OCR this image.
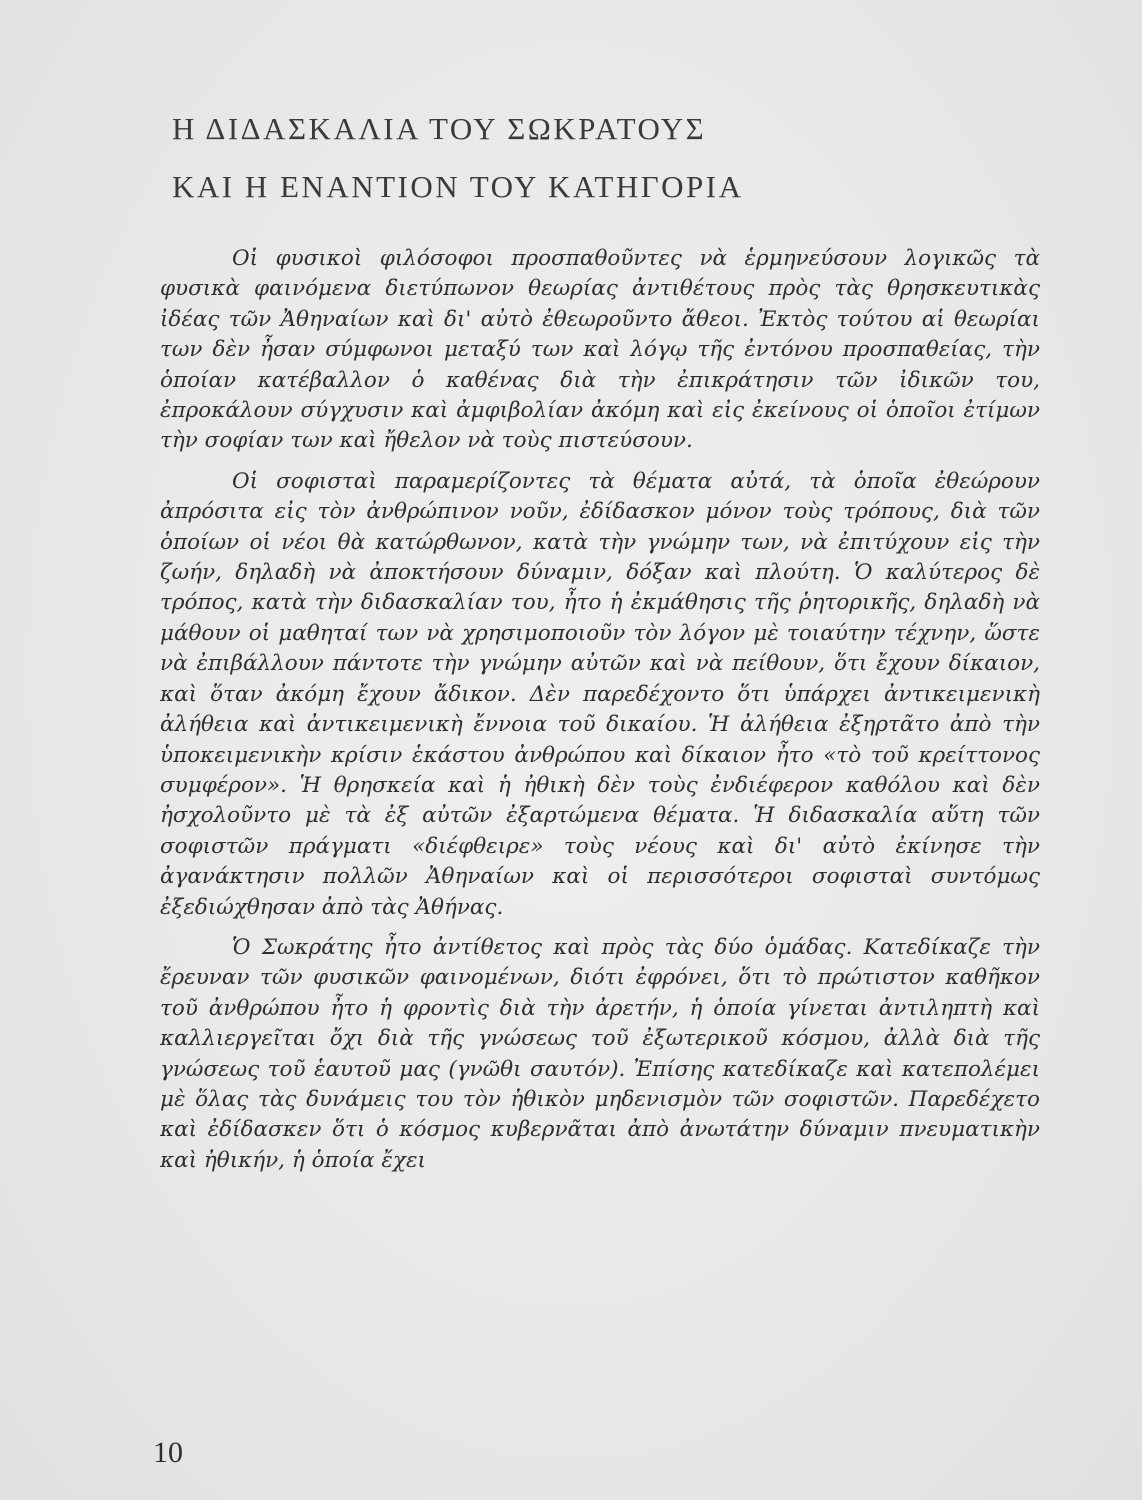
Η ΔΙΔΑΣΚΑΛΙΑ ΤΟΥ ΣΩΚΡΑΤΟΥΣ
ΚΑΙ Η ΕΝΑΝΤΙΟΝ ΤΟΥ ΚΑΤΗΓΟΡΙΑ

Οἱ φυσικοὶ φιλόσοφοι προσπαθοῦντες νὰ ἑρμηνεύσουν λογικῶς τὰ φυσικὰ φαινόμενα διετύπωνον θεωρίας ἀντιθέτους πρὸς τὰς θρησκευτικὰς ἰδέας τῶν Ἀθηναίων καὶ δι' αὐτὸ ἐθεωροῦντο ἄθεοι. Ἐκτὸς τούτου αἱ θεωρίαι των δὲν ἦσαν σύμφωνοι μεταξύ των καὶ λόγῳ τῆς ἐντόνου προσπαθείας, τὴν ὁποίαν κατέβαλλον ὁ καθένας διὰ τὴν ἐπικράτησιν τῶν ἰδικῶν του, ἐπροκάλουν σύγχυσιν καὶ ἀμφιβολίαν ἀκόμη καὶ εἰς ἐκείνους οἱ ὁποῖοι ἐτίμων τὴν σοφίαν των καὶ ἤθελον νὰ τοὺς πιστεύσουν.

Οἱ σοφισταὶ παραμερίζοντες τὰ θέματα αὐτά, τὰ ὁποῖα ἐθεώρουν ἀπρόσιτα εἰς τὸν ἀνθρώπινον νοῦν, ἐδίδασκον μόνον τοὺς τρόπους, διὰ τῶν ὁποίων οἱ νέοι θὰ κατώρθωνον, κατὰ τὴν γνώμην των, νὰ ἐπιτύχουν εἰς τὴν ζωήν, δηλαδὴ νὰ ἀποκτήσουν δύναμιν, δόξαν καὶ πλούτη. Ὁ καλύτερος δὲ τρόπος, κατὰ τὴν διδασκαλίαν του, ἦτο ἡ ἐκμάθησις τῆς ῥητορικῆς, δηλαδὴ νὰ μάθουν οἱ μαθηταί των νὰ χρησιμοποιοῦν τὸν λόγον μὲ τοιαύτην τέχνην, ὥστε νὰ ἐπιβάλλουν πάντοτε τὴν γνώμην αὐτῶν καὶ νὰ πείθουν, ὅτι ἔχουν δίκαιον, καὶ ὅταν ἀκόμη ἔχουν ἄδικον. Δὲν παρεδέχοντο ὅτι ὑπάρχει ἀντικειμενικὴ ἀλήθεια καὶ ἀντικειμενικὴ ἔννοια τοῦ δικαίου. Ἡ ἀλήθεια ἐξηρτᾶτο ἀπὸ τὴν ὑποκειμενικὴν κρίσιν ἑκάστου ἀνθρώπου καὶ δίκαιον ἦτο «τὸ τοῦ κρείττονος συμφέρον». Ἡ θρησκεία καὶ ἡ ἠθικὴ δὲν τοὺς ἐνδιέφερον καθόλου καὶ δὲν ἠσχολοῦντο μὲ τὰ ἐξ αὐτῶν ἐξαρτώμενα θέματα. Ἡ διδασκαλία αὕτη τῶν σοφιστῶν πράγματι «διέφθειρε» τοὺς νέους καὶ δι' αὐτὸ ἐκίνησε τὴν ἀγανάκτησιν πολλῶν Ἀθηναίων καὶ οἱ περισσότεροι σοφισταὶ συντόμως ἐξεδιώχθησαν ἀπὸ τὰς Ἀθήνας.

Ὁ Σωκράτης ἦτο ἀντίθετος καὶ πρὸς τὰς δύο ὁμάδας. Κατεδίκαζε τὴν ἔρευναν τῶν φυσικῶν φαινομένων, διότι ἐφρόνει, ὅτι τὸ πρώτιστον καθῆκον τοῦ ἀνθρώπου ἦτο ἡ φροντὶς διὰ τὴν ἀρετήν, ἡ ὁποία γίνεται ἀντιληπτὴ καὶ καλλιεργεῖται ὄχι διὰ τῆς γνώσεως τοῦ ἐξωτερικοῦ κόσμου, ἀλλὰ διὰ τῆς γνώσεως τοῦ ἑαυτοῦ μας (γνῶθι σαυτόν). Ἐπίσης κατεδίκαζε καὶ κατεπολέμει μὲ ὅλας τὰς δυνάμεις του τὸν ἠθικὸν μηδενισμὸν τῶν σοφιστῶν. Παρεδέχετο καὶ ἐδίδασκεν ὅτι ὁ κόσμος κυβερνᾶται ἀπὸ ἀνωτάτην δύναμιν πνευματικὴν καὶ ἠθικήν, ἡ ὁποία ἔχει

10
